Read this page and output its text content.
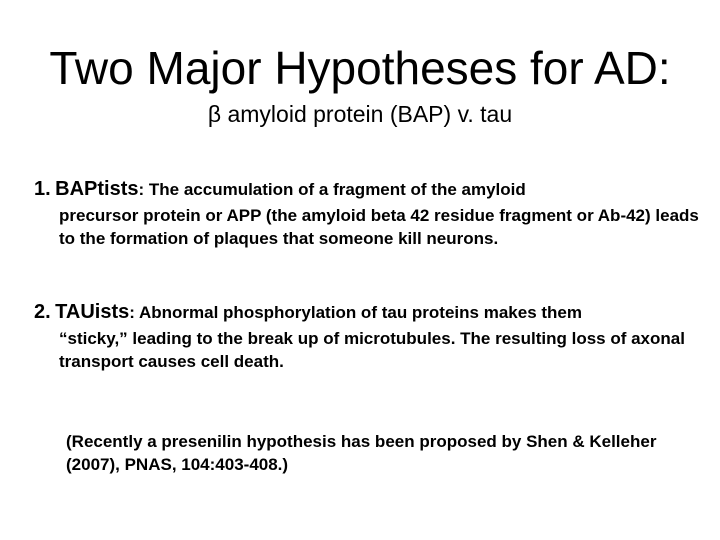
Two Major Hypotheses for AD:
β amyloid protein (BAP) v. tau
1. BAPtists: The accumulation of a fragment of the amyloid
precursor protein or APP (the amyloid beta 42 residue fragment or Ab-42) leads to the formation of plaques that someone kill neurons.
2. TAUists: Abnormal phosphorylation of tau proteins makes them
“sticky,” leading to the break up of microtubules. The resulting loss of axonal transport causes cell death.
(Recently a presenilin hypothesis has been proposed by Shen & Kelleher (2007), PNAS, 104:403-408.)
